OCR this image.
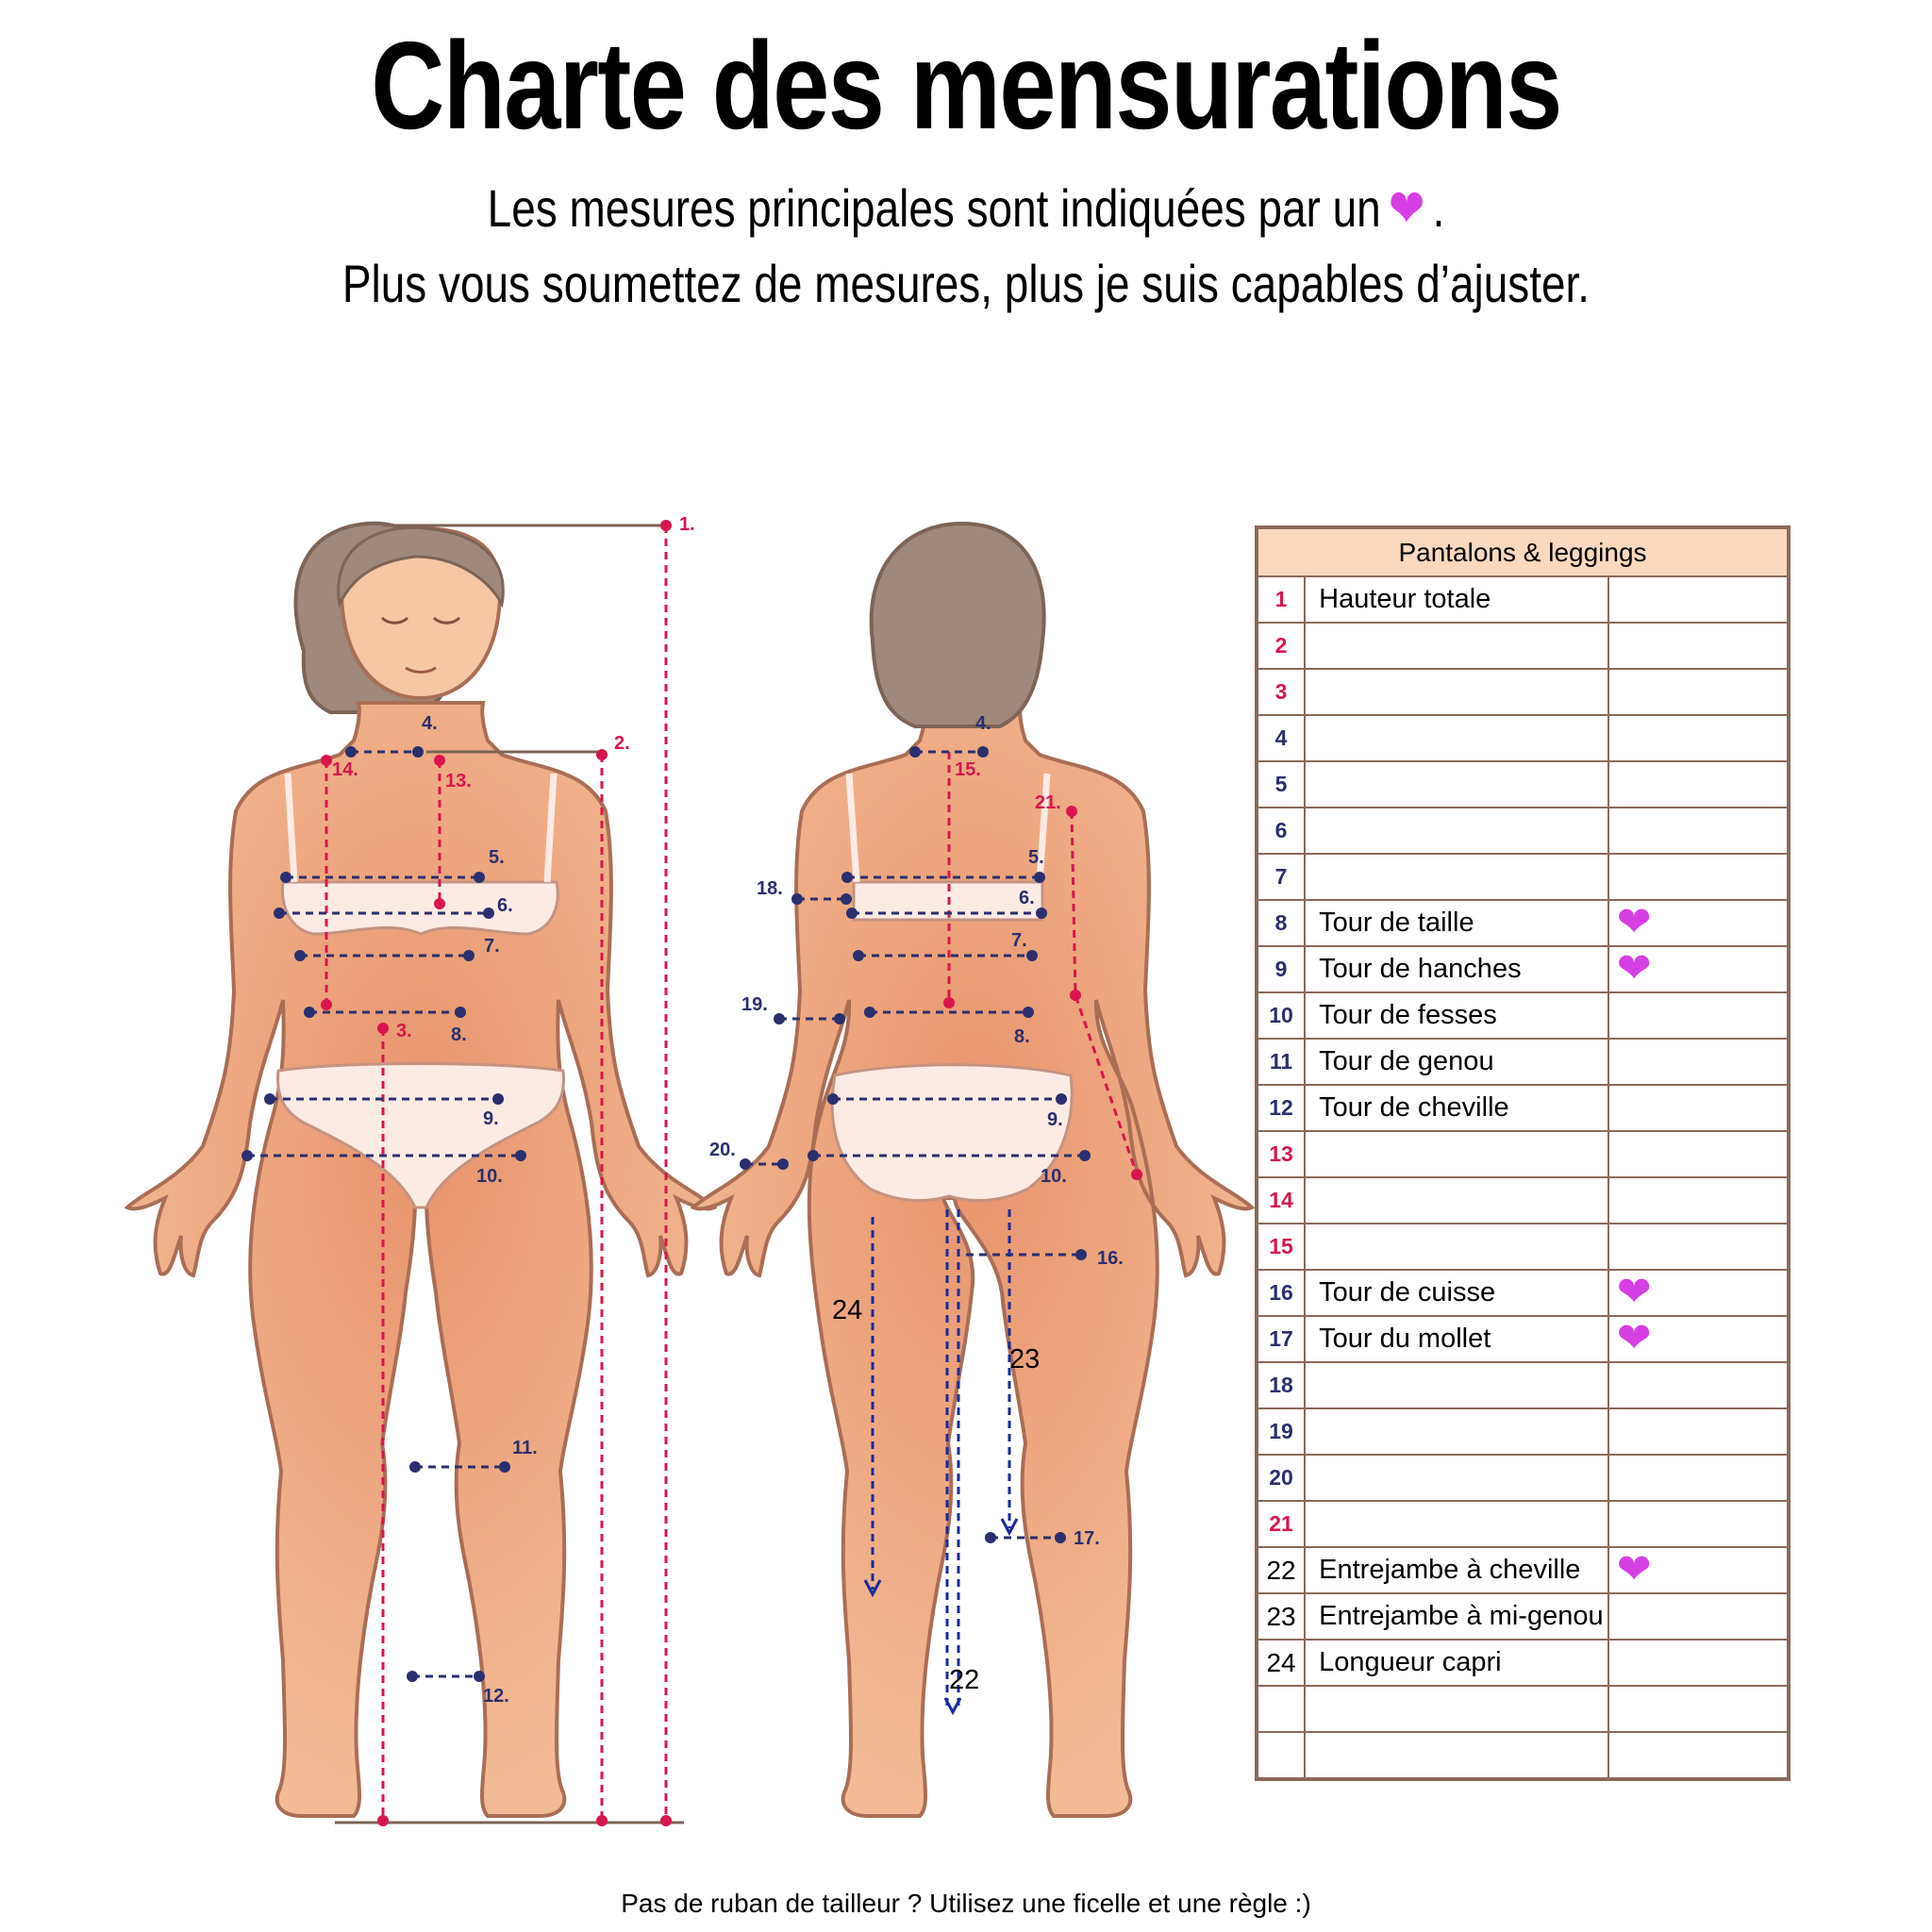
Charte des mensurations
Les mesures principales sont indiquées par un ❤ .
Plus vous soumettez de mesures, plus je suis capables d’ajuster.
1.
2.
3.
4.
5.
6.
7.
8.
9.
10.
11.
12.
13.
14.
4.
15.
21.
5.
6.
7.
8.
9.
10.
16.
17.
18.
19.
20.
22
23
24
Pantalons & leggings		
1	Hauteur totale	
2		
3		
4		
5		
6		
7		
8	Tour de taille	❤
9	Tour de hanches	❤
10	Tour de fesses	
11	Tour de genou	
12	Tour de cheville	
13		
14		
15		
16	Tour de cuisse	❤
17	Tour du mollet	❤
18		
19		
20		
21		
22	Entrejambe à cheville	❤
23	Entrejambe à mi-genou	
24	Longueur capri	

Pas de ruban de tailleur ? Utilisez une ficelle et une règle :)
